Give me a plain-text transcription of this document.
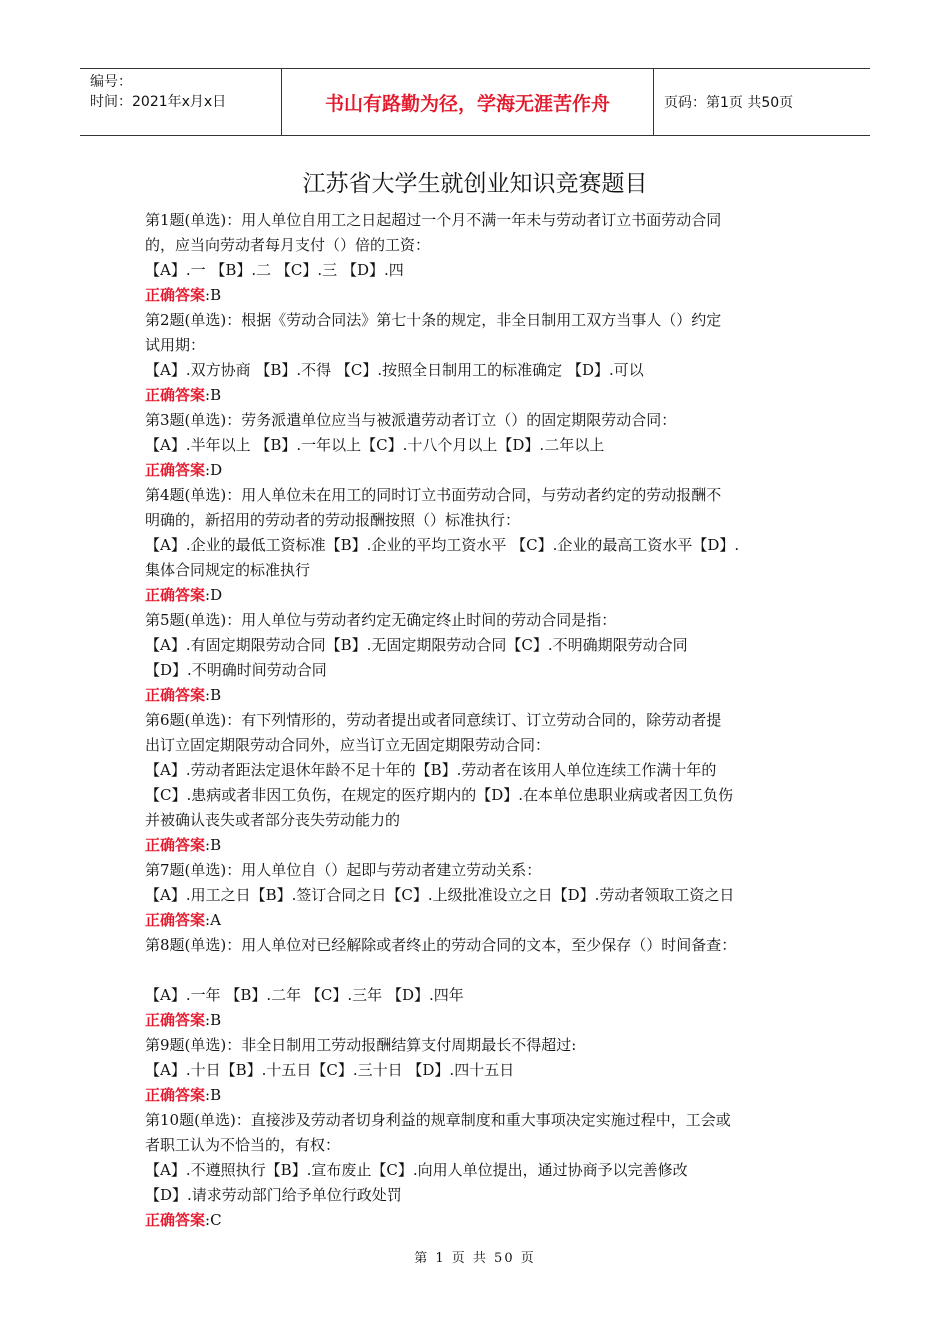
编号：
时间：2021年x月x日	书山有路勤为径，学海无涯苦作舟	页码：第1页 共50页
江苏省大学生就创业知识竞赛题目

第1题(单选)：用人单位自用工之日起超过一个月不满一年未与劳动者订立书面劳动合同

的，应当向劳动者每月支付（）倍的工资：

【A】.一 【B】.二 【C】.三 【D】.四

正确答案:B

第2题(单选)：根据《劳动合同法》第七十条的规定，非全日制用工双方当事人（）约定

试用期：

【A】.双方协商 【B】.不得 【C】.按照全日制用工的标准确定 【D】.可以

正确答案:B

第3题(单选)：劳务派遣单位应当与被派遣劳动者订立（）的固定期限劳动合同：

【A】.半年以上 【B】.一年以上【C】.十八个月以上【D】.二年以上

正确答案:D

第4题(单选)：用人单位未在用工的同时订立书面劳动合同，与劳动者约定的劳动报酬不

明确的，新招用的劳动者的劳动报酬按照（）标准执行：

【A】.企业的最低工资标准【B】.企业的平均工资水平 【C】.企业的最高工资水平【D】.

集体合同规定的标准执行

正确答案:D

第5题(单选)：用人单位与劳动者约定无确定终止时间的劳动合同是指：

【A】.有固定期限劳动合同【B】.无固定期限劳动合同【C】.不明确期限劳动合同

【D】.不明确时间劳动合同

正确答案:B

第6题(单选)：有下列情形的，劳动者提出或者同意续订、订立劳动合同的，除劳动者提

出订立固定期限劳动合同外，应当订立无固定期限劳动合同：

【A】.劳动者距法定退休年龄不足十年的【B】.劳动者在该用人单位连续工作满十年的

【C】.患病或者非因工负伤，在规定的医疗期内的【D】.在本单位患职业病或者因工负伤

并被确认丧失或者部分丧失劳动能力的

正确答案:B

第7题(单选)：用人单位自（）起即与劳动者建立劳动关系：

【A】.用工之日【B】.签订合同之日【C】.上级批准设立之日【D】.劳动者领取工资之日

正确答案:A

第8题(单选)：用人单位对已经解除或者终止的劳动合同的文本，至少保存（）时间备查：

【A】.一年 【B】.二年 【C】.三年 【D】.四年

正确答案:B

第9题(单选)：非全日制用工劳动报酬结算支付周期最长不得超过:

【A】.十日【B】.十五日【C】.三十日 【D】.四十五日

正确答案:B

第10题(单选)：直接涉及劳动者切身利益的规章制度和重大事项决定实施过程中，工会或

者职工认为不恰当的，有权：

【A】.不遵照执行【B】.宣布废止【C】.向用人单位提出，通过协商予以完善修改

【D】.请求劳动部门给予单位行政处罚

正确答案:C

第 1 页 共 50 页
